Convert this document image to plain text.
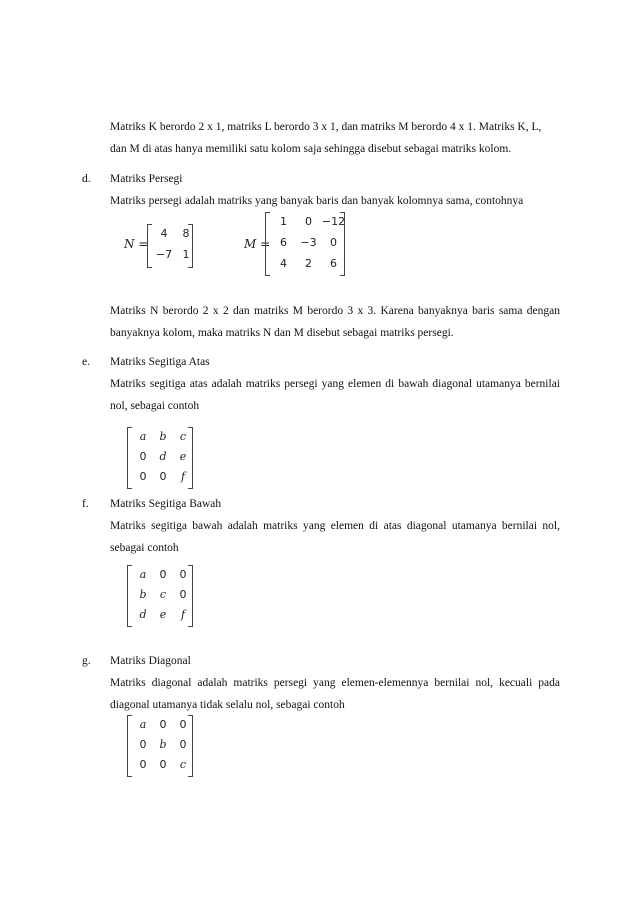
Matriks K berordo 2 x 1, matriks L berordo 3 x 1, dan matriks M berordo 4 x 1. Matriks K, L,
dan M di atas hanya memiliki satu kolom saja sehingga disebut sebagai matriks kolom.
d. Matriks Persegi
Matriks persegi adalah matriks yang banyak baris dan banyak kolomnya sama, contohnya
N =
4	8
−7 1
M =
1	0 −12
6	−3	0
4	2	6
Matriks N berordo 2 x 2 dan matriks M berordo 3 x 3. Karena banyaknya baris sama dengan banyaknya kolom, maka matriks N dan M disebut sebagai matriks persegi.
e. Matriks Segitiga Atas
Matriks segitiga atas adalah matriks persegi yang elemen di bawah diagonal utamanya bernilai nol, sebagai contoh
a	b	c
0	d	e
0	0	f
f. Matriks Segitiga Bawah
Matriks segitiga bawah adalah matriks yang elemen di atas diagonal utamanya bernilai nol, sebagai contoh
a	0	0
b	c	0
d	e	f
g. Matriks Diagonal
Matriks diagonal adalah matriks persegi yang elemen-elemennya bernilai nol, kecuali pada diagonal utamanya tidak selalu nol, sebagai contoh
a	0	0
0	b	0
0	0	c
